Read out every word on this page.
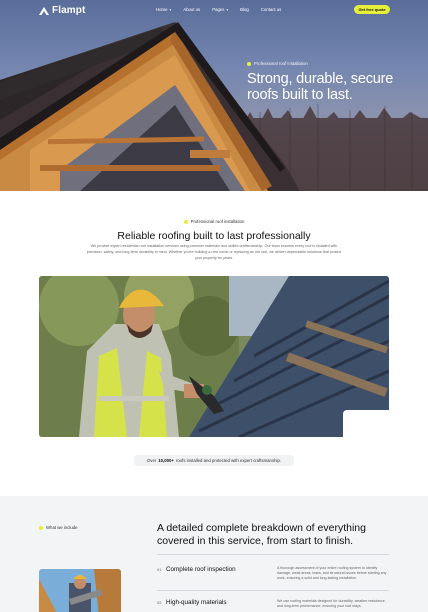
Flampt	Home ▾	About us	Pages ▾	Blog	Contact us	Get free quote
Professional roof installation
Strong, durable, secure roofs built to last.
Professional roof installation
Reliable roofing built to last professionally

We provide expert residential roof installation services using premium materials and skilled craftsmanship. Our team ensures every roof is installed with precision, safety, and long-term durability in mind. Whether you're building a new home or replacing an old roof, we deliver dependable solutions that protect your property for years.

Over 10,000+ roofs installed and protected with expert craftsmanship.
What we include	A detailed complete breakdown of everything covered in this service, from start to finish.
01 Complete roof inspection	A thorough assessment of your entire roofing system to identify damage, weak areas, leaks, and structural issues before starting any work, ensuring a solid and long-lasting installation.

02 High-quality materials	We use roofing materials designed for durability, weather resistance, and long-term performance, ensuring your roof stays
